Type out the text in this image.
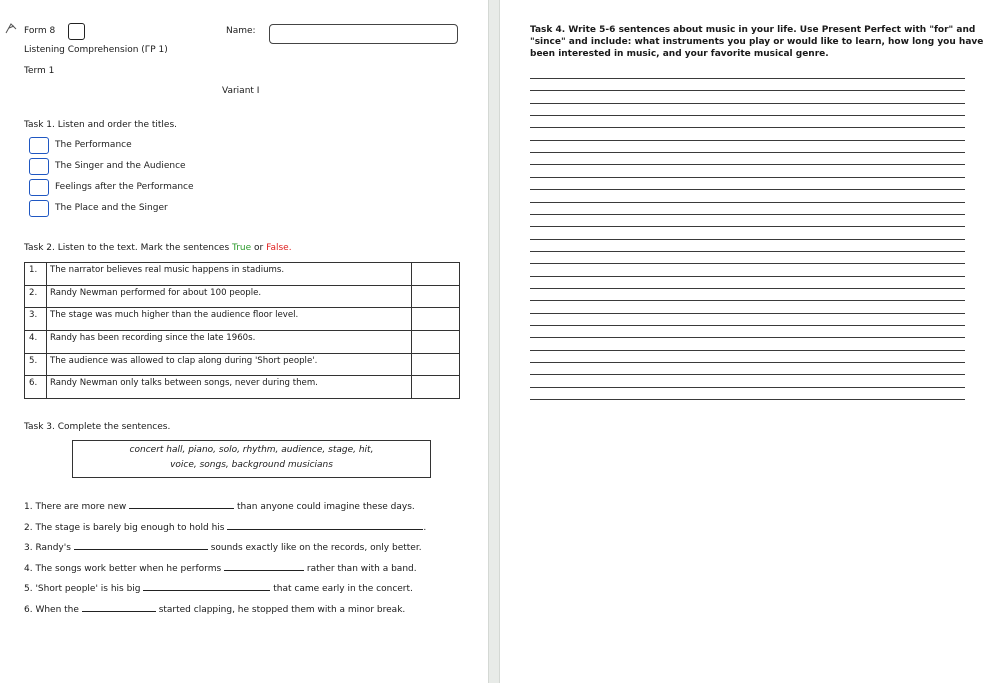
Form 8
Listening Comprehension (ГР 1)
Term 1
Name:
Variant I
Task 1. Listen and order the titles.
The Performance
The Singer and the Audience
Feelings after the Performance
The Place and the Singer
Task 2. Listen to the text. Mark the sentences True or False.
1.	The narrator believes real music happens in stadiums.	
2.	Randy Newman performed for about 100 people.	
3.	The stage was much higher than the audience floor level.	
4.	Randy has been recording since the late 1960s.	
5.	The audience was allowed to clap along during 'Short people'.	
6.	Randy Newman only talks between songs, never during them.	
Task 3. Complete the sentences.
concert hall, piano, solo, rhythm, audience, stage, hit,
voice, songs, background musicians
1. There are more new	than anyone could imagine these days.
2. The stage is barely big enough to hold his	.
3. Randy's	sounds exactly like on the records, only better.
4. The songs work better when he performs	rather than with a band.
5. 'Short people' is his big	that came early in the concert.
6. When the	started clapping, he stopped them with a minor break.
Task 4. Write 5-6 sentences about music in your life. Use Present Perfect with "for" and
"since" and include: what instruments you play or would like to learn, how long you have
been interested in music, and your favorite musical genre.
